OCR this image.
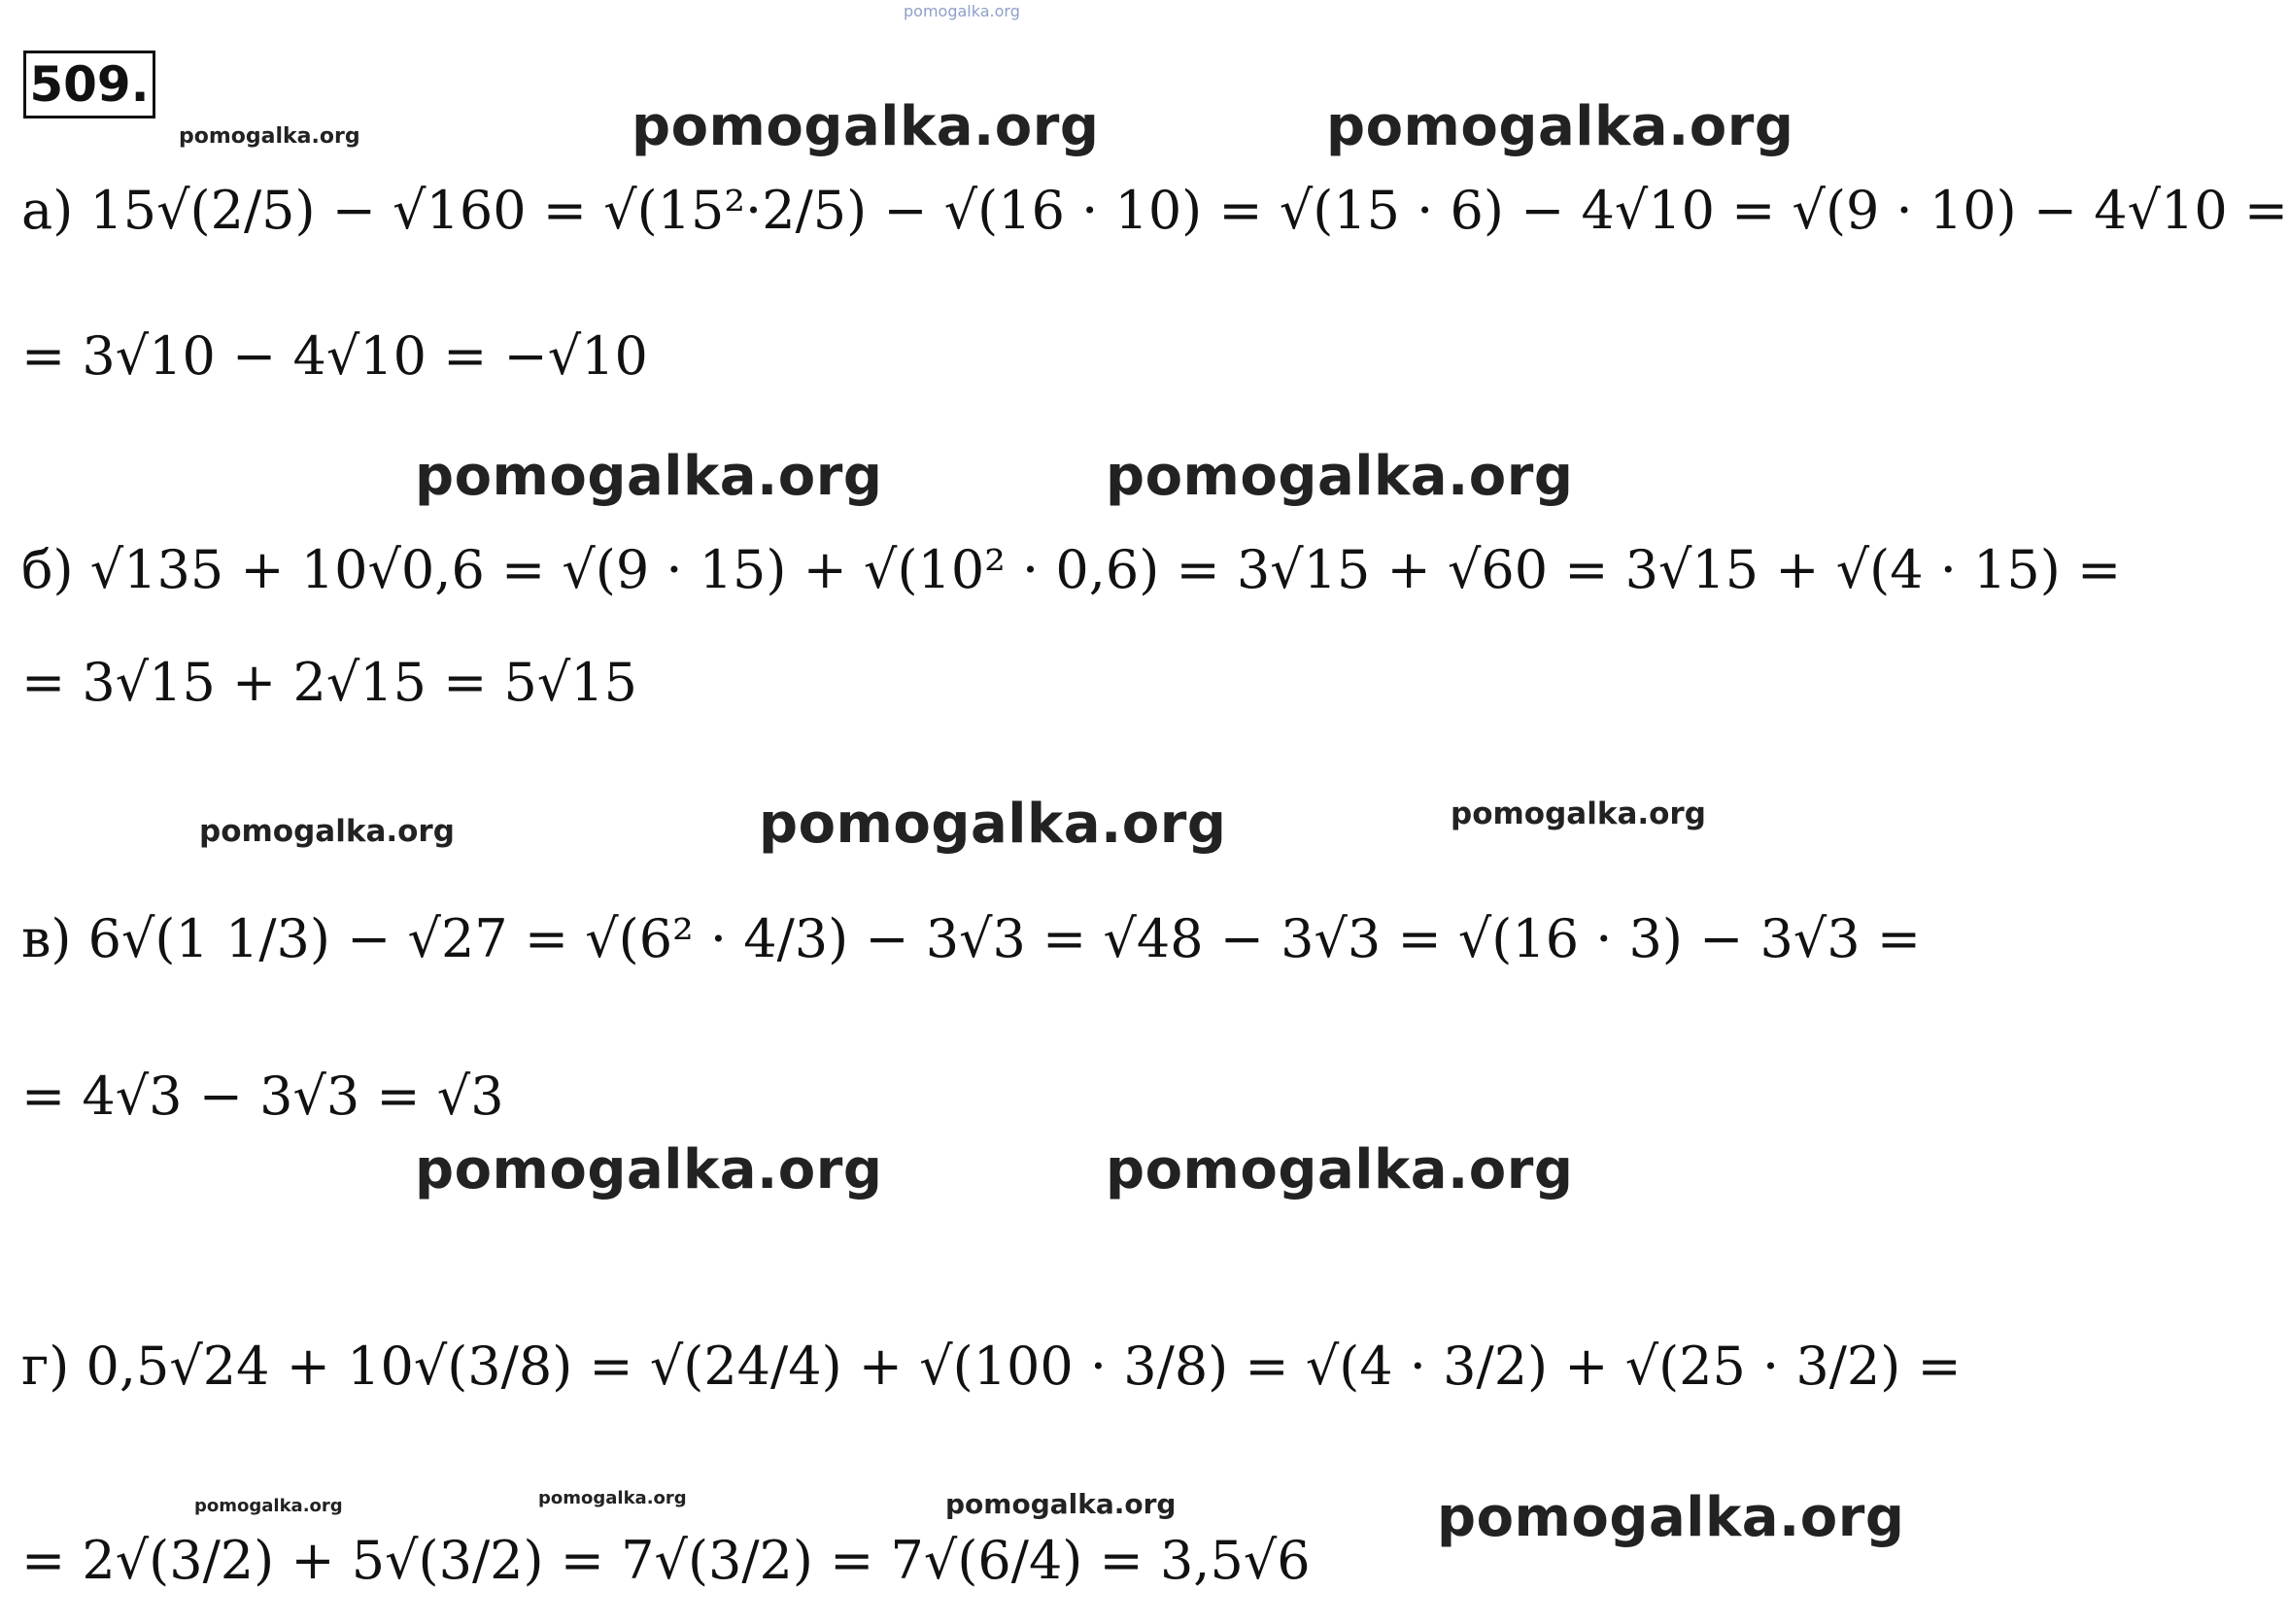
pomogalka.org
pomogalka.org	pomogalka.org	pomogalka.org
pomogalka.org	pomogalka.org
pomogalka.org	pomogalka.org	pomogalka.org
pomogalka.org	pomogalka.org
pomogalka.org	pomogalka.org	pomogalka.org	pomogalka.org
509.
а) 15√(2/5) − √160 = √(15²·2/5) − √(16 · 10) = √(15 · 6) − 4√10 = √(9 · 10) − 4√10 =
= 3√10 − 4√10 = −√10
б) √135 + 10√0,6 = √(9 · 15) + √(10² · 0,6) = 3√15 + √60 = 3√15 + √(4 · 15) =
= 3√15 + 2√15 = 5√15
в) 6√(1 1/3) − √27 = √(6² · 4/3) − 3√3 = √48 − 3√3 = √(16 · 3) − 3√3 =
= 4√3 − 3√3 = √3
г) 0,5√24 + 10√(3/8) = √(24/4) + √(100 · 3/8) = √(4 · 3/2) + √(25 · 3/2) =
= 2√(3/2) + 5√(3/2) = 7√(3/2) = 7√(6/4) = 3,5√6
